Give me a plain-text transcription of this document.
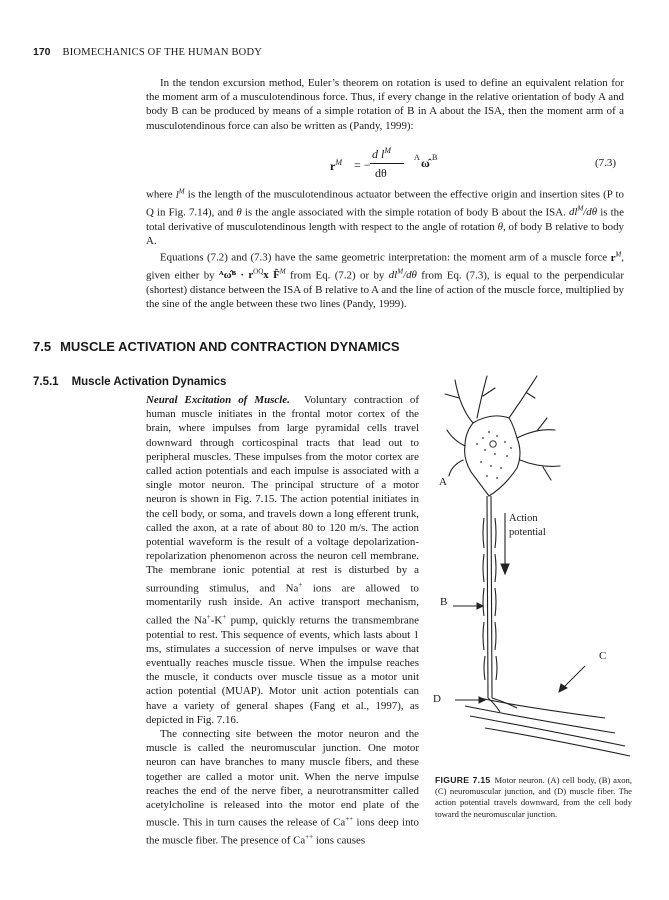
170 BIOMECHANICS OF THE HUMAN BODY

In the tendon excursion method, Euler’s theorem on rotation is used to define an equivalent relation for the moment arm of a musculotendinous force. Thus, if every change in the relative orientation of body A and body B can be produced by means of a simple rotation of B in A about the ISA, then the moment arm of a musculotendinous force can also be written as (Pandy, 1999):

$r^M$ = −
d $l^M$
dθ
A ω̂ B	(7.3)

where $l^M$ is the length of the musculotendinous actuator between the effective origin and insertion sites (P to Q in Fig. 7.14), and θ is the angle associated with the simple rotation of body B about the ISA. $dl^M/d\theta$ is the total derivative of musculotendinous length with respect to the angle of rotation θ, of body B relative to body A.

Equations (7.2) and (7.3) have the same geometric interpretation: the moment arm of a muscle force $r^M$, given either by ᴬω̂ᴮ · $r^{OQ}x$ F̂$^M$ from Eq. (7.2) or by $dl^M/d\theta$ from Eq. (7.3), is equal to the perpendicular (shortest) distance between the ISA of B relative to A and the line of action of the muscle force, multiplied by the sine of the angle between these two lines (Pandy, 1999).

7.5 MUSCLE ACTIVATION AND CONTRACTION DYNAMICS
7.5.1 Muscle Activation Dynamics

Neural Excitation of Muscle. Voluntary contraction of human muscle initiates in the frontal motor cortex of the brain, where impulses from large pyramidal cells travel downward through corticospinal tracts that lead out to peripheral muscles. These impulses from the motor cortex are called action potentials and each impulse is associated with a single motor neuron. The principal structure of a motor neuron is shown in Fig. 7.15. The action potential initiates in the cell body, or soma, and travels down a long efferent trunk, called the axon, at a rate of about 80 to 120 m/s. The action potential waveform is the result of a voltage depolarization-repolarization phenomenon across the neuron cell membrane. The membrane ionic potential at rest is disturbed by a surrounding stimulus, and Na+ ions are allowed to momentarily rush inside. An active transport mechanism, called the Na+-K+ pump, quickly returns the transmembrane potential to rest. This sequence of events, which lasts about 1 ms, stimulates a succession of nerve impulses or wave that eventually reaches muscle tissue. When the impulse reaches the muscle, it conducts over muscle tissue as a motor unit action potential (MUAP). Motor unit action potentials can have a variety of general shapes (Fang et al., 1997), as depicted in Fig. 7.16.

The connecting site between the motor neuron and the muscle is called the neuromuscular junction. One motor neuron can have branches to many muscle fibers, and these together are called a motor unit. When the nerve impulse reaches the end of the nerve fiber, a neurotransmitter called acetylcholine is released into the motor end plate of the muscle. This in turn causes the release of Ca++ ions deep into the muscle fiber. The presence of Ca++ ions causes

A
B
C
D
Action
potential
FIGURE 7.15 Motor neuron. (A) cell body, (B) axon, (C) neuromuscular junction, and (D) muscle fiber. The action potential travels downward, from the cell body toward the neuromuscular junction.
